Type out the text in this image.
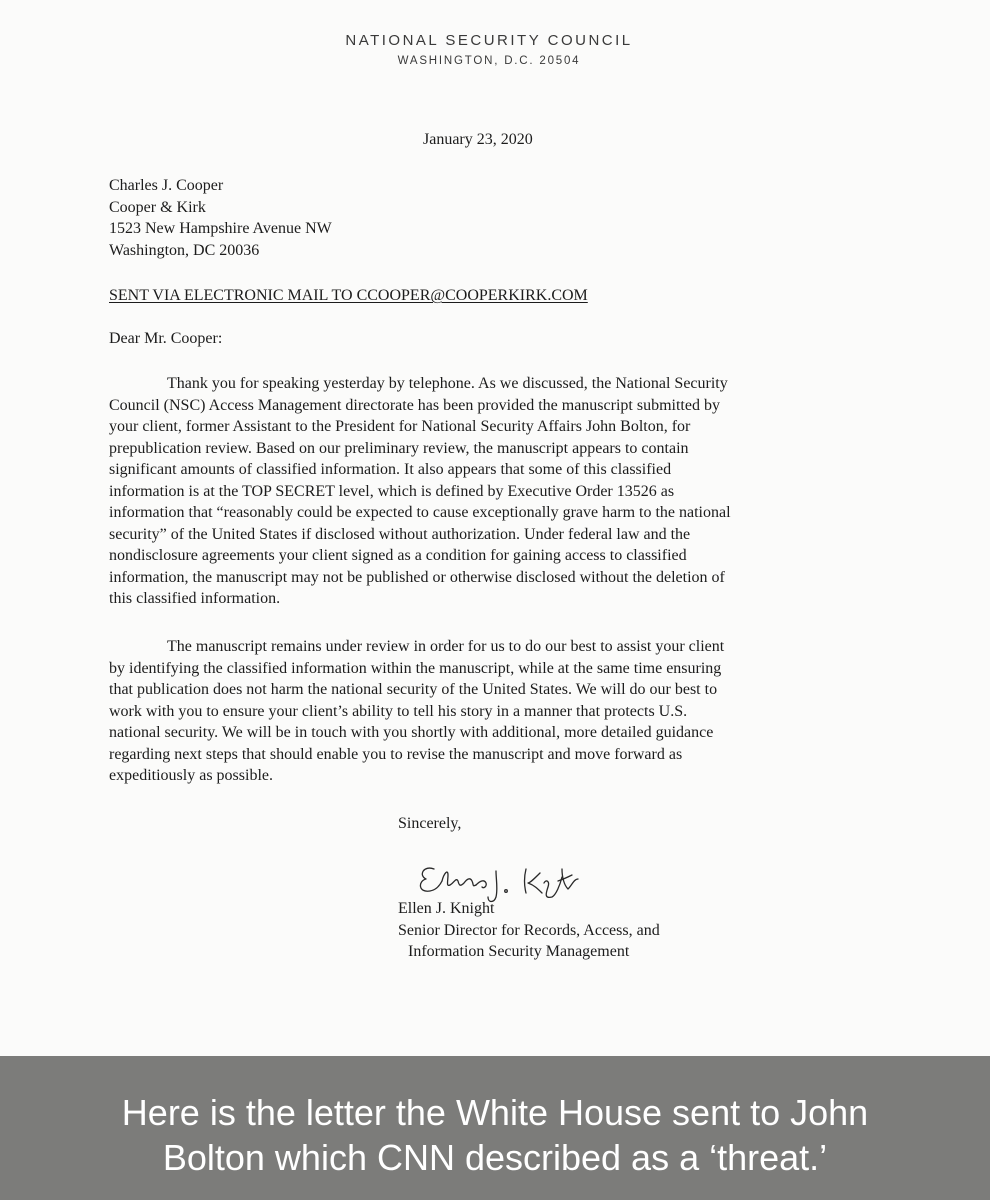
NATIONAL SECURITY COUNCIL
WASHINGTON, D.C. 20504
January 23, 2020
Charles J. Cooper
Cooper & Kirk
1523 New Hampshire Avenue NW
Washington, DC 20036
SENT VIA ELECTRONIC MAIL TO CCOOPER@COOPERKIRK.COM
Dear Mr. Cooper:
Thank you for speaking yesterday by telephone. As we discussed, the National Security
Council (NSC) Access Management directorate has been provided the manuscript submitted by
your client, former Assistant to the President for National Security Affairs John Bolton, for
prepublication review. Based on our preliminary review, the manuscript appears to contain
significant amounts of classified information. It also appears that some of this classified
information is at the TOP SECRET level, which is defined by Executive Order 13526 as
information that “reasonably could be expected to cause exceptionally grave harm to the national
security” of the United States if disclosed without authorization. Under federal law and the
nondisclosure agreements your client signed as a condition for gaining access to classified
information, the manuscript may not be published or otherwise disclosed without the deletion of
this classified information.
The manuscript remains under review in order for us to do our best to assist your client
by identifying the classified information within the manuscript, while at the same time ensuring
that publication does not harm the national security of the United States. We will do our best to
work with you to ensure your client’s ability to tell his story in a manner that protects U.S.
national security. We will be in touch with you shortly with additional, more detailed guidance
regarding next steps that should enable you to revise the manuscript and move forward as
expeditiously as possible.
Sincerely,
Ellen J. Knight
Senior Director for Records, Access, and
Information Security Management
Here is the letter the White House sent to John
Bolton which CNN described as a ‘threat.’
